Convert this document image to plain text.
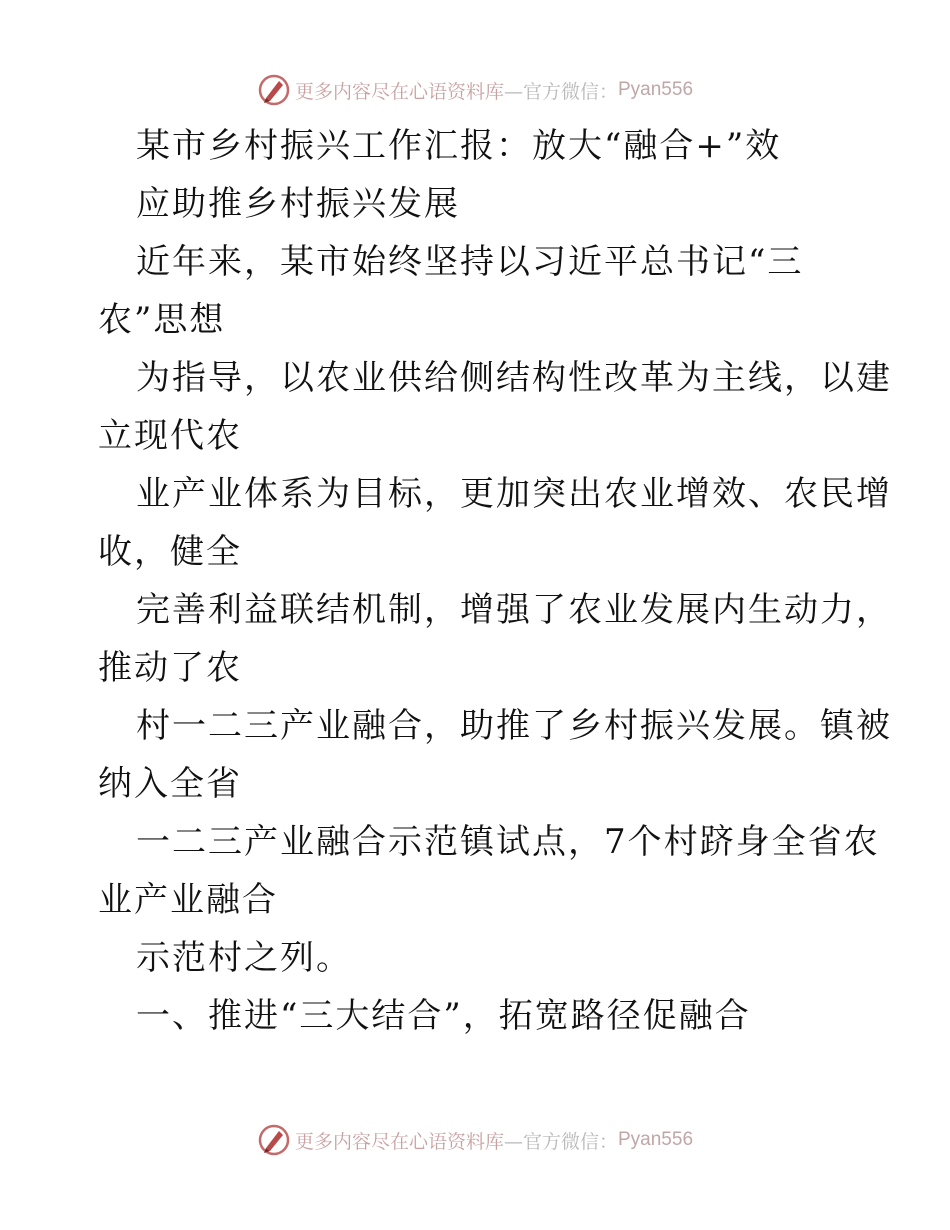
更多内容尽在心语资料库 —官方微信： Pyan556
某市乡村振兴工作汇报：放大“融合+”效
应助推乡村振兴发展
近年来，某市始终坚持以习近平总书记“三
农”思想
为指导，以农业供给侧结构性改革为主线，以建
立现代农
业产业体系为目标，更加突出农业增效、农民增
收，健全
完善利益联结机制，增强了农业发展内生动力，
推动了农
村一二三产业融合，助推了乡村振兴发展。镇被
纳入全省
一二三产业融合示范镇试点，7个村跻身全省农
业产业融合
示范村之列。
一、推进“三大结合”，拓宽路径促融合
更多内容尽在心语资料库 —官方微信： Pyan556
